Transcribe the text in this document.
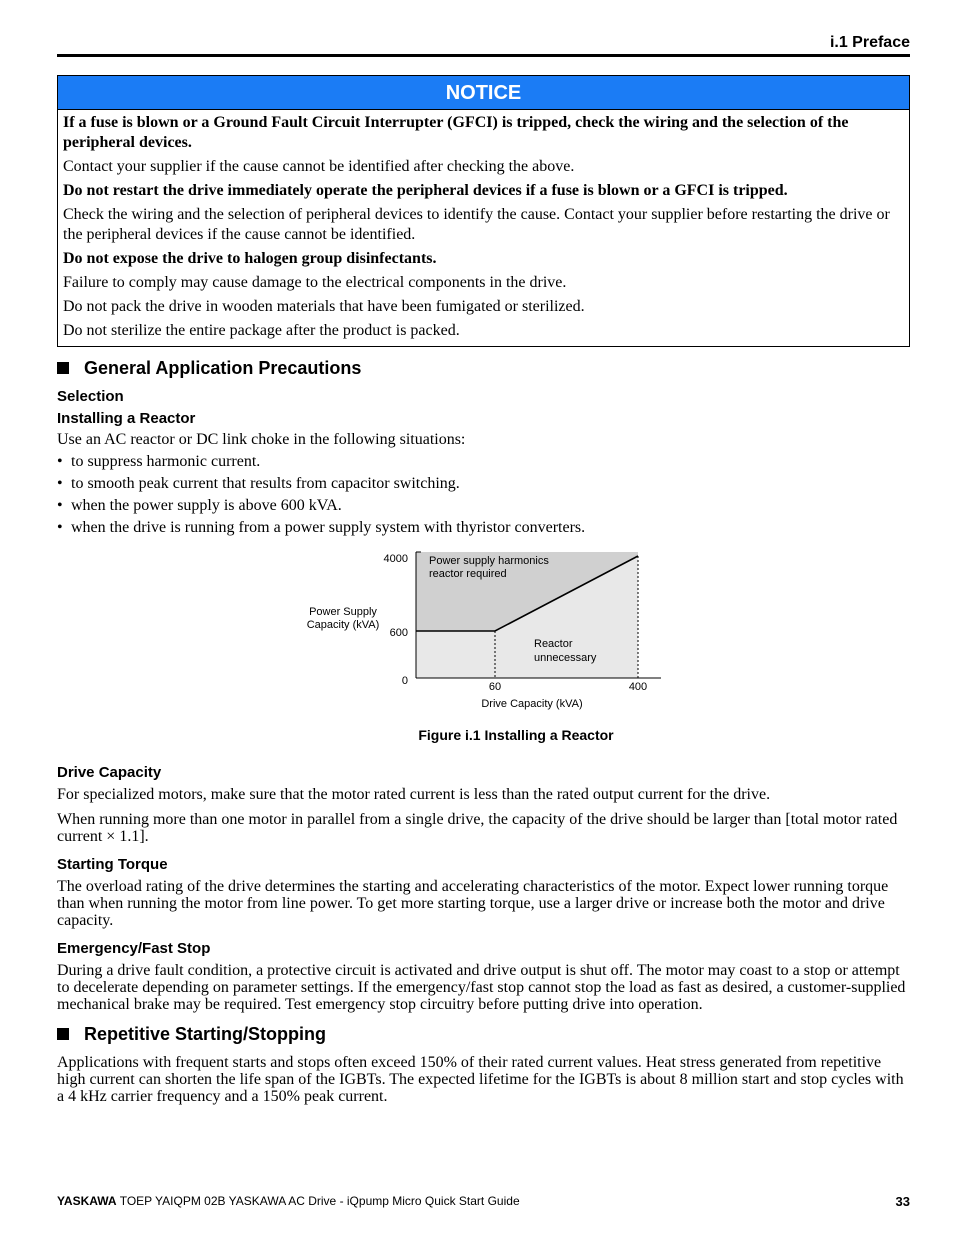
i.1 Preface
NOTICE

If a fuse is blown or a Ground Fault Circuit Interrupter (GFCI) is tripped, check the wiring and the selection of the peripheral devices.

Contact your supplier if the cause cannot be identified after checking the above.

Do not restart the drive immediately operate the peripheral devices if a fuse is blown or a GFCI is tripped.

Check the wiring and the selection of peripheral devices to identify the cause. Contact your supplier before restarting the drive or the peripheral devices if the cause cannot be identified.

Do not expose the drive to halogen group disinfectants.

Failure to comply may cause damage to the electrical components in the drive.

Do not pack the drive in wooden materials that have been fumigated or sterilized.

Do not sterilize the entire package after the product is packed.

General Application Precautions
Selection
Installing a Reactor
Use an AC reactor or DC link choke in the following situations:
• to suppress harmonic current.
• to smooth peak current that results from capacitor switching.
• when the power supply is above 600 kVA.
• when the drive is running from a power supply system with thyristor converters.
4000
600
0	60	400
Drive Capacity (kVA)
Power Supply
Capacity (kVA)
Power supply harmonics
reactor required
Reactor
unnecessary
Figure i.1 Installing a Reactor
Drive Capacity
For specialized motors, make sure that the motor rated current is less than the rated output current for the drive.
When running more than one motor in parallel from a single drive, the capacity of the drive should be larger than [total motor rated current × 1.1].
Starting Torque
The overload rating of the drive determines the starting and accelerating characteristics of the motor. Expect lower running torque than when running the motor from line power. To get more starting torque, use a larger drive or increase both the motor and drive capacity.
Emergency/Fast Stop
During a drive fault condition, a protective circuit is activated and drive output is shut off. The motor may coast to a stop or attempt to decelerate depending on parameter settings. If the emergency/fast stop cannot stop the load as fast as desired, a customer-supplied mechanical brake may be required. Test emergency stop circuitry before putting drive into operation.
Repetitive Starting/Stopping
Applications with frequent starts and stops often exceed 150% of their rated current values. Heat stress generated from repetitive high current can shorten the life span of the IGBTs. The expected lifetime for the IGBTs is about 8 million start and stop cycles with a 4 kHz carrier frequency and a 150% peak current.
YASKAWA TOEP YAIQPM 02B YASKAWA AC Drive - iQpump Micro Quick Start Guide	33
